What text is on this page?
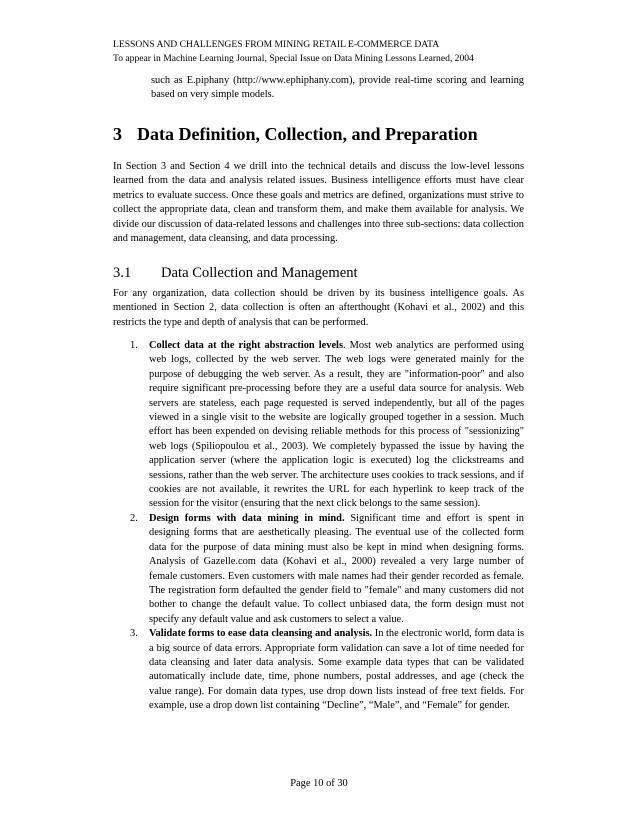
LESSONS AND CHALLENGES FROM MINING RETAIL E-COMMERCE DATA
To appear in Machine Learning Journal, Special Issue on Data Mining Lessons Learned, 2004
such as E.piphany (http://www.ephiphany.com), provide real-time scoring and learning based on very simple models.
3 Data Definition, Collection, and Preparation

In Section 3 and Section 4 we drill into the technical details and discuss the low-level lessons learned from the data and analysis related issues. Business intelligence efforts must have clear metrics to evaluate success. Once these goals and metrics are defined, organizations must strive to collect the appropriate data, clean and transform them, and make them available for analysis. We divide our discussion of data-related lessons and challenges into three sub-sections: data collection and management, data cleansing, and data processing.

3.1 Data Collection and Management

For any organization, data collection should be driven by its business intelligence goals. As mentioned in Section 2, data collection is often an afterthought (Kohavi et al., 2002) and this restricts the type and depth of analysis that can be performed.

1. Collect data at the right abstraction levels. Most web analytics are performed using web logs, collected by the web server. The web logs were generated mainly for the purpose of debugging the web server. As a result, they are "information-poor" and also require significant pre-processing before they are a useful data source for analysis. Web servers are stateless, each page requested is served independently, but all of the pages viewed in a single visit to the website are logically grouped together in a session. Much effort has been expended on devising reliable methods for this process of "sessionizing" web logs (Spiliopoulou et al., 2003). We completely bypassed the issue by having the application server (where the application logic is executed) log the clickstreams and sessions, rather than the web server. The architecture uses cookies to track sessions, and if cookies are not available, it rewrites the URL for each hyperlink to keep track of the session for the visitor (ensuring that the next click belongs to the same session).
2. Design forms with data mining in mind. Significant time and effort is spent in designing forms that are aesthetically pleasing. The eventual use of the collected form data for the purpose of data mining must also be kept in mind when designing forms. Analysis of Gazelle.com data (Kohavi et al., 2000) revealed a very large number of female customers. Even customers with male names had their gender recorded as female. The registration form defaulted the gender field to "female" and many customers did not bother to change the default value. To collect unbiased data, the form design must not specify any default value and ask customers to select a value.
3. Validate forms to ease data cleansing and analysis. In the electronic world, form data is a big source of data errors. Appropriate form validation can save a lot of time needed for data cleansing and later data analysis. Some example data types that can be validated automatically include date, time, phone numbers, postal addresses, and age (check the value range). For domain data types, use drop down lists instead of free text fields. For example, use a drop down list containing “Decline”, “Male”, and “Female” for gender.
Page 10 of 30
